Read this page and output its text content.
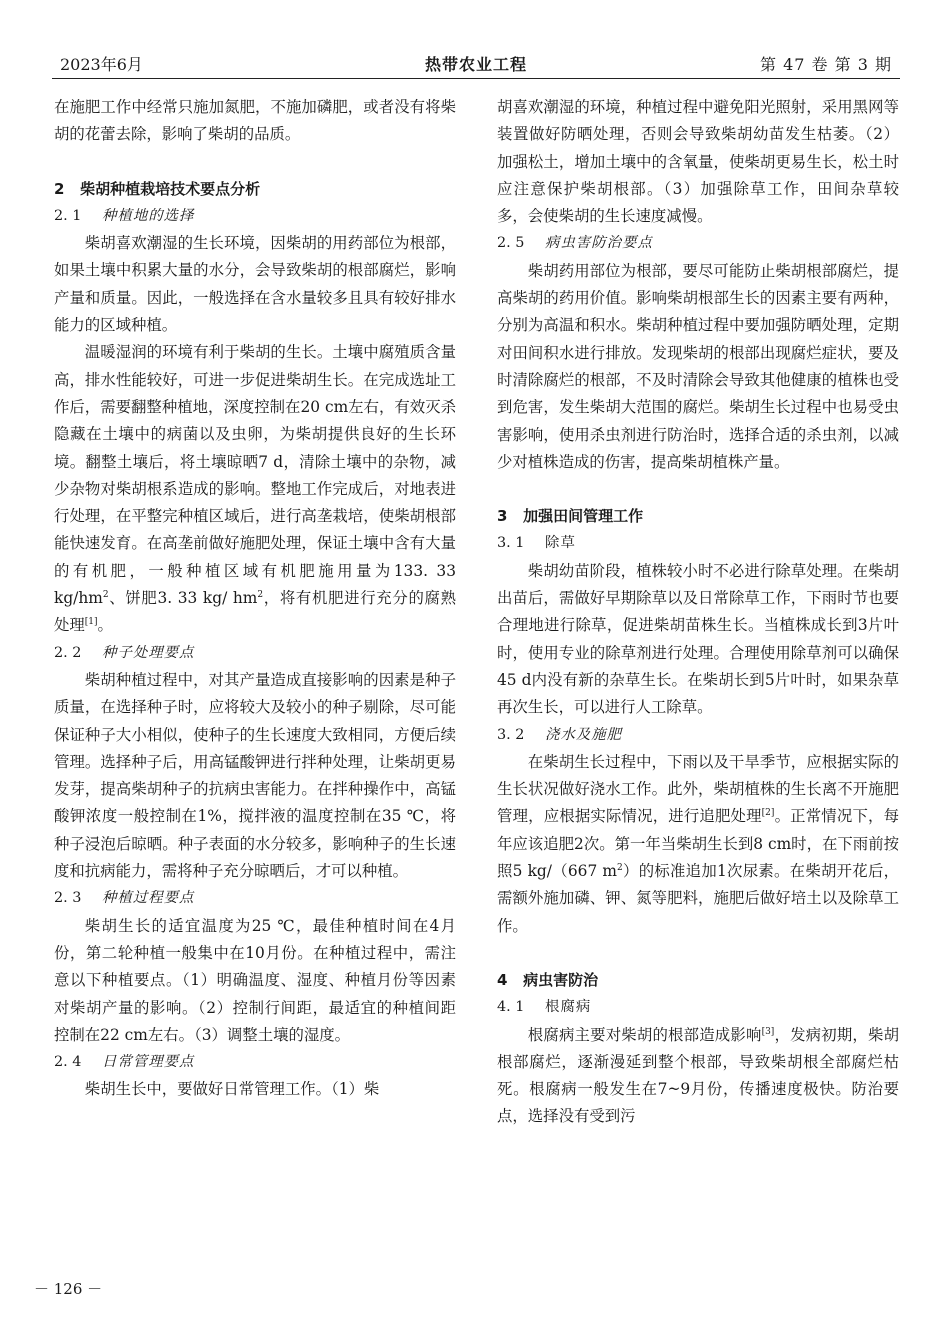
2023年6月	热带农业工程	第 47 卷 第 3 期

在施肥工作中经常只施加氮肥，不施加磷肥，或者没有将柴胡的花蕾去除，影响了柴胡的品质。

2 柴胡种植栽培技术要点分析
2. 1 种植地的选择

柴胡喜欢潮湿的生长环境，因柴胡的用药部位为根部，如果土壤中积累大量的水分，会导致柴胡的根部腐烂，影响产量和质量。因此，一般选择在含水量较多且具有较好排水能力的区域种植。

温暖湿润的环境有利于柴胡的生长。土壤中腐殖质含量高，排水性能较好，可进一步促进柴胡生长。在完成选址工作后，需要翻整种植地，深度控制在20 cm左右，有效灭杀隐藏在土壤中的病菌以及虫卵，为柴胡提供良好的生长环境。翻整土壤后，将土壤晾晒7 d，清除土壤中的杂物，减少杂物对柴胡根系造成的影响。整地工作完成后，对地表进行处理，在平整完种植区域后，进行高垄栽培，使柴胡根部能快速发育。在高垄前做好施肥处理，保证土壤中含有大量的有机肥，一般种植区域有机肥施用量为133. 33 $kg/hm^2$、饼肥3. 33 kg/ $hm^2$，将有机肥进行充分的腐熟处理[1]。

2. 2 种子处理要点

柴胡种植过程中，对其产量造成直接影响的因素是种子质量，在选择种子时，应将较大及较小的种子剔除，尽可能保证种子大小相似，使种子的生长速度大致相同，方便后续管理。选择种子后，用高锰酸钾进行拌种处理，让柴胡更易发芽，提高柴胡种子的抗病虫害能力。在拌种操作中，高锰酸钾浓度一般控制在1%，搅拌液的温度控制在35 ℃，将种子浸泡后晾晒。种子表面的水分较多，影响种子的生长速度和抗病能力，需将种子充分晾晒后，才可以种植。

2. 3 种植过程要点

柴胡生长的适宜温度为25 ℃，最佳种植时间在4月份，第二轮种植一般集中在10月份。在种植过程中，需注意以下种植要点。（1）明确温度、湿度、种植月份等因素对柴胡产量的影响。（2）控制行间距，最适宜的种植间距控制在22 cm左右。（3）调整土壤的湿度。

2. 4 日常管理要点

柴胡生长中，要做好日常管理工作。（1）柴

胡喜欢潮湿的环境，种植过程中避免阳光照射，采用黑网等装置做好防晒处理，否则会导致柴胡幼苗发生枯萎。（2）加强松土，增加土壤中的含氧量，使柴胡更易生长，松土时应注意保护柴胡根部。（3）加强除草工作，田间杂草较多，会使柴胡的生长速度减慢。

2. 5 病虫害防治要点

柴胡药用部位为根部，要尽可能防止柴胡根部腐烂，提高柴胡的药用价值。影响柴胡根部生长的因素主要有两种，分别为高温和积水。柴胡种植过程中要加强防晒处理，定期对田间积水进行排放。发现柴胡的根部出现腐烂症状，要及时清除腐烂的根部，不及时清除会导致其他健康的植株也受到危害，发生柴胡大范围的腐烂。柴胡生长过程中也易受虫害影响，使用杀虫剂进行防治时，选择合适的杀虫剂，以减少对植株造成的伤害，提高柴胡植株产量。

3 加强田间管理工作
3. 1 除草

柴胡幼苗阶段，植株较小时不必进行除草处理。在柴胡出苗后，需做好早期除草以及日常除草工作，下雨时节也要合理地进行除草，促进柴胡苗株生长。当植株成长到3片叶时，使用专业的除草剂进行处理。合理使用除草剂可以确保45 d内没有新的杂草生长。在柴胡长到5片叶时，如果杂草再次生长，可以进行人工除草。

3. 2 浇水及施肥

在柴胡生长过程中，下雨以及干旱季节，应根据实际的生长状况做好浇水工作。此外，柴胡植株的生长离不开施肥管理，应根据实际情况，进行追肥处理[2]。正常情况下，每年应该追肥2次。第一年当柴胡生长到8 cm时，在下雨前按照5 kg/（667 $m^2$）的标准追加1次尿素。在柴胡开花后，需额外施加磷、钾、氮等肥料，施肥后做好培土以及除草工作。

4 病虫害防治
4. 1 根腐病

根腐病主要对柴胡的根部造成影响[3]，发病初期，柴胡根部腐烂，逐渐漫延到整个根部，导致柴胡根全部腐烂枯死。根腐病一般发生在7~9月份，传播速度极快。防治要点，选择没有受到污

－ 126 －
